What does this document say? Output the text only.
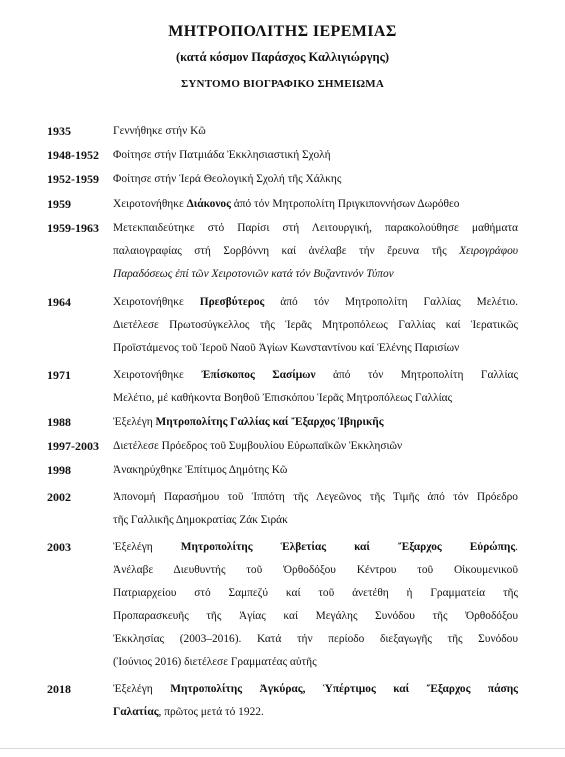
ΜΗΤΡΟΠΟΛΙΤΗΣ ΙΕΡΕΜΙΑΣ
(κατά κόσμον Παράσχος Καλλιγιώργης)
ΣΥΝΤΟΜΟ ΒΙΟΓΡΑΦΙΚΟ ΣΗΜΕΙΩΜΑ
1935	Γεννήθηκε στήν Κῶ
1948-1952 Φοίτησε στήν Πατμιάδα Ἐκκλησιαστική Σχολή
1952-1959 Φοίτησε στήν Ἱερά Θεολογική Σχολή τῆς Χάλκης
1959	Χειροτονήθηκε Διάκονος ἀπό τόν Μητροπολίτη Πριγκιποννήσων Δωρόθεο
1959-1963 Μετεκπαιδεύτηκε στό Παρίσι στή Λειτουργική, παρακολούθησε μαθήματα
παλαιογραφίας στή Σορβόννη καί ἀνέλαβε τήν ἔρευνα τῆς Χειρογράφου
Παραδόσεως ἐπί τῶν Χειροτονιῶν κατά τόν Βυζαντινόν Τύπον
1964	Χειροτονήθηκε Πρεσβύτερος ἀπό τόν Μητροπολίτη Γαλλίας Μελέτιο.
Διετέλεσε Πρωτοσύγκελλος τῆς Ἱερᾶς Μητροπόλεως Γαλλίας καί Ἱερατικῶς
Προϊστάμενος τοῦ Ἱεροῦ Ναοῦ Ἁγίων Κωνσταντίνου καί Ἑλένης Παρισίων
1971	Χειροτονήθηκε Ἐπίσκοπος Σασίμων ἀπό τόν Μητροπολίτη Γαλλίας
Μελέτιο, μέ καθήκοντα Βοηθοῦ Ἐπισκόπου Ἱερᾶς Μητροπόλεως Γαλλίας
1988	Ἐξελέγη Μητροπολίτης Γαλλίας καί Ἔξαρχος Ἰβηρικῆς
1997-2003 Διετέλεσε Πρόεδρος τοῦ Συμβουλίου Εὐρωπαϊκῶν Ἐκκλησιῶν
1998	Ἀνακηρύχθηκε Ἐπίτιμος Δημότης Κῶ
2002	Ἀπονομή Παρασήμου τοῦ Ἱππότη τῆς Λεγεῶνος τῆς Τιμῆς ἀπό τόν Πρόεδρο
τῆς Γαλλικῆς Δημοκρατίας Ζάκ Σιράκ
2003	Ἐξελέγη Μητροπολίτης Ἑλβετίας καί Ἔξαρχος Εὐρώπης.
Ἀνέλαβε Διευθυντής τοῦ Ὀρθοδόξου Κέντρου τοῦ Οἰκουμενικοῦ
Πατριαρχείου στό Σαμπεζύ καί τοῦ ἀνετέθη ἡ Γραμματεία τῆς
Προπαρασκευῆς τῆς Ἁγίας καί Μεγάλης Συνόδου τῆς Ὀρθοδόξου
Ἐκκλησίας (2003–2016). Κατά τήν περίοδο διεξαγωγῆς τῆς Συνόδου
(Ἰούνιος 2016) διετέλεσε Γραμματέας αὐτῆς
2018	Ἐξελέγη Μητροπολίτης Ἀγκύρας, Ὑπέρτιμος καί Ἔξαρχος πάσης
Γαλατίας, πρῶτος μετά τό 1922.
